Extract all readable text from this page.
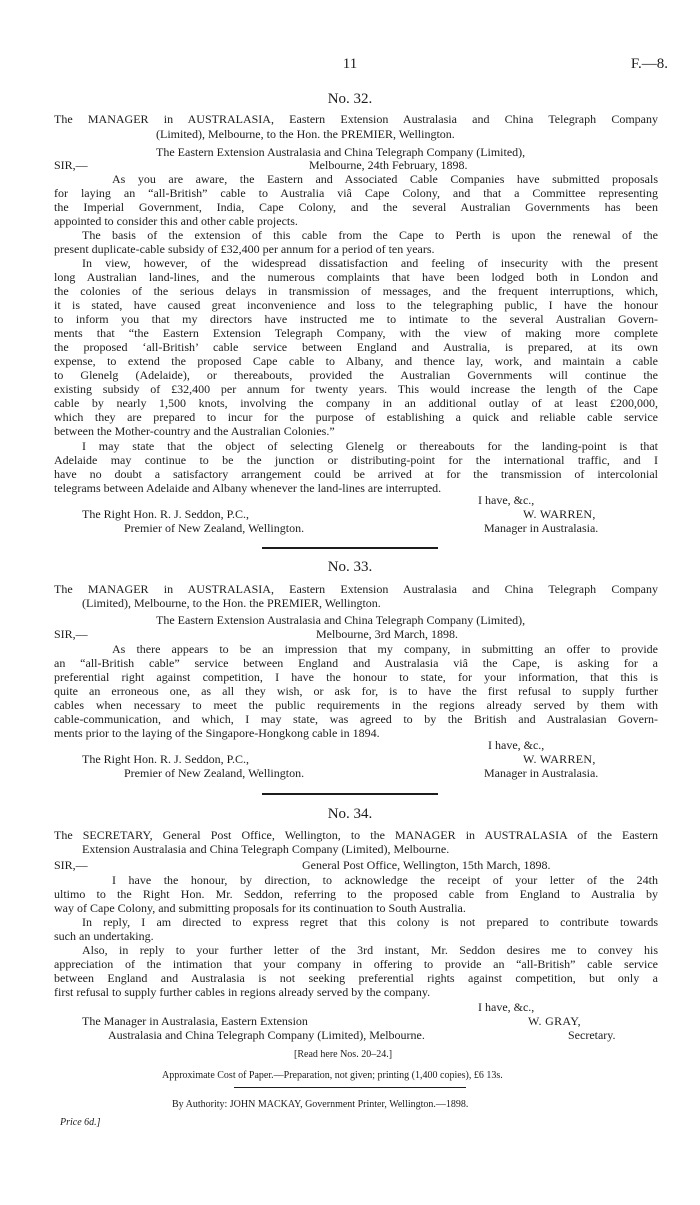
11	F.—8.
No. 32.
The MANAGER in AUSTRALASIA, Eastern Extension Australasia and China Telegraph Company
(Limited), Melbourne, to the Hon. the PREMIER, Wellington.
The Eastern Extension Australasia and China Telegraph Company (Limited),
SIR,—	Melbourne, 24th February, 1898.
As you are aware, the Eastern and Associated Cable Companies have submitted proposals
for laying an “all-British” cable to Australia viâ Cape Colony, and that a Committee representing
the Imperial Government, India, Cape Colony, and the several Australian Governments has been
appointed to consider this and other cable projects.
The basis of the extension of this cable from the Cape to Perth is upon the renewal of the
present duplicate-cable subsidy of £32,400 per annum for a period of ten years.
In view, however, of the widespread dissatisfaction and feeling of insecurity with the present
long Australian land-lines, and the numerous complaints that have been lodged both in London and
the colonies of the serious delays in transmission of messages, and the frequent interruptions, which,
it is stated, have caused great inconvenience and loss to the telegraphing public, I have the honour
to inform you that my directors have instructed me to intimate to the several Australian Govern-
ments that “the Eastern Extension Telegraph Company, with the view of making more complete
the proposed ‘all-British’ cable service between England and Australia, is prepared, at its own
expense, to extend the proposed Cape cable to Albany, and thence lay, work, and maintain a cable
to Glenelg (Adelaide), or thereabouts, provided the Australian Governments will continue the
existing subsidy of £32,400 per annum for twenty years. This would increase the length of the Cape
cable by nearly 1,500 knots, involving the company in an additional outlay of at least £200,000,
which they are prepared to incur for the purpose of establishing a quick and reliable cable service
between the Mother-country and the Australian Colonies.”
I may state that the object of selecting Glenelg or thereabouts for the landing-point is that
Adelaide may continue to be the junction or distributing-point for the international traffic, and I
have no doubt a satisfactory arrangement could be arrived at for the transmission of intercolonial
telegrams between Adelaide and Albany whenever the land-lines are interrupted.
I have, &c.,
The Right Hon. R. J. Seddon, P.C.,	W. WARREN,
Premier of New Zealand, Wellington.	Manager in Australasia.
No. 33.
The MANAGER in AUSTRALASIA, Eastern Extension Australasia and China Telegraph Company
(Limited), Melbourne, to the Hon. the PREMIER, Wellington.
The Eastern Extension Australasia and China Telegraph Company (Limited),
SIR,—	Melbourne, 3rd March, 1898.
As there appears to be an impression that my company, in submitting an offer to provide
an “all-British cable” service between England and Australasia viâ the Cape, is asking for a
preferential right against competition, I have the honour to state, for your information, that this is
quite an erroneous one, as all they wish, or ask for, is to have the first refusal to supply further
cables when necessary to meet the public requirements in the regions already served by them with
cable-communication, and which, I may state, was agreed to by the British and Australasian Govern-
ments prior to the laying of the Singapore-Hongkong cable in 1894.
I have, &c.,
The Right Hon. R. J. Seddon, P.C.,	W. WARREN,
Premier of New Zealand, Wellington.	Manager in Australasia.
No. 34.
The SECRETARY, General Post Office, Wellington, to the MANAGER in AUSTRALASIA of the Eastern
Extension Australasia and China Telegraph Company (Limited), Melbourne.
SIR,—	General Post Office, Wellington, 15th March, 1898.
I have the honour, by direction, to acknowledge the receipt of your letter of the 24th
ultimo to the Right Hon. Mr. Seddon, referring to the proposed cable from England to Australia by
way of Cape Colony, and submitting proposals for its continuation to South Australia.
In reply, I am directed to express regret that this colony is not prepared to contribute towards
such an undertaking.
Also, in reply to your further letter of the 3rd instant, Mr. Seddon desires me to convey his
appreciation of the intimation that your company in offering to provide an “all-British” cable service
between England and Australasia is not seeking preferential rights against competition, but only a
first refusal to supply further cables in regions already served by the company.
I have, &c.,
The Manager in Australasia, Eastern Extension	W. GRAY,
Australasia and China Telegraph Company (Limited), Melbourne.	Secretary.
[Read here Nos. 20–24.]
Approximate Cost of Paper.—Preparation, not given; printing (1,400 copies), £6 13s.
By Authority: JOHN MACKAY, Government Printer, Wellington.—1898.
Price 6d.]
